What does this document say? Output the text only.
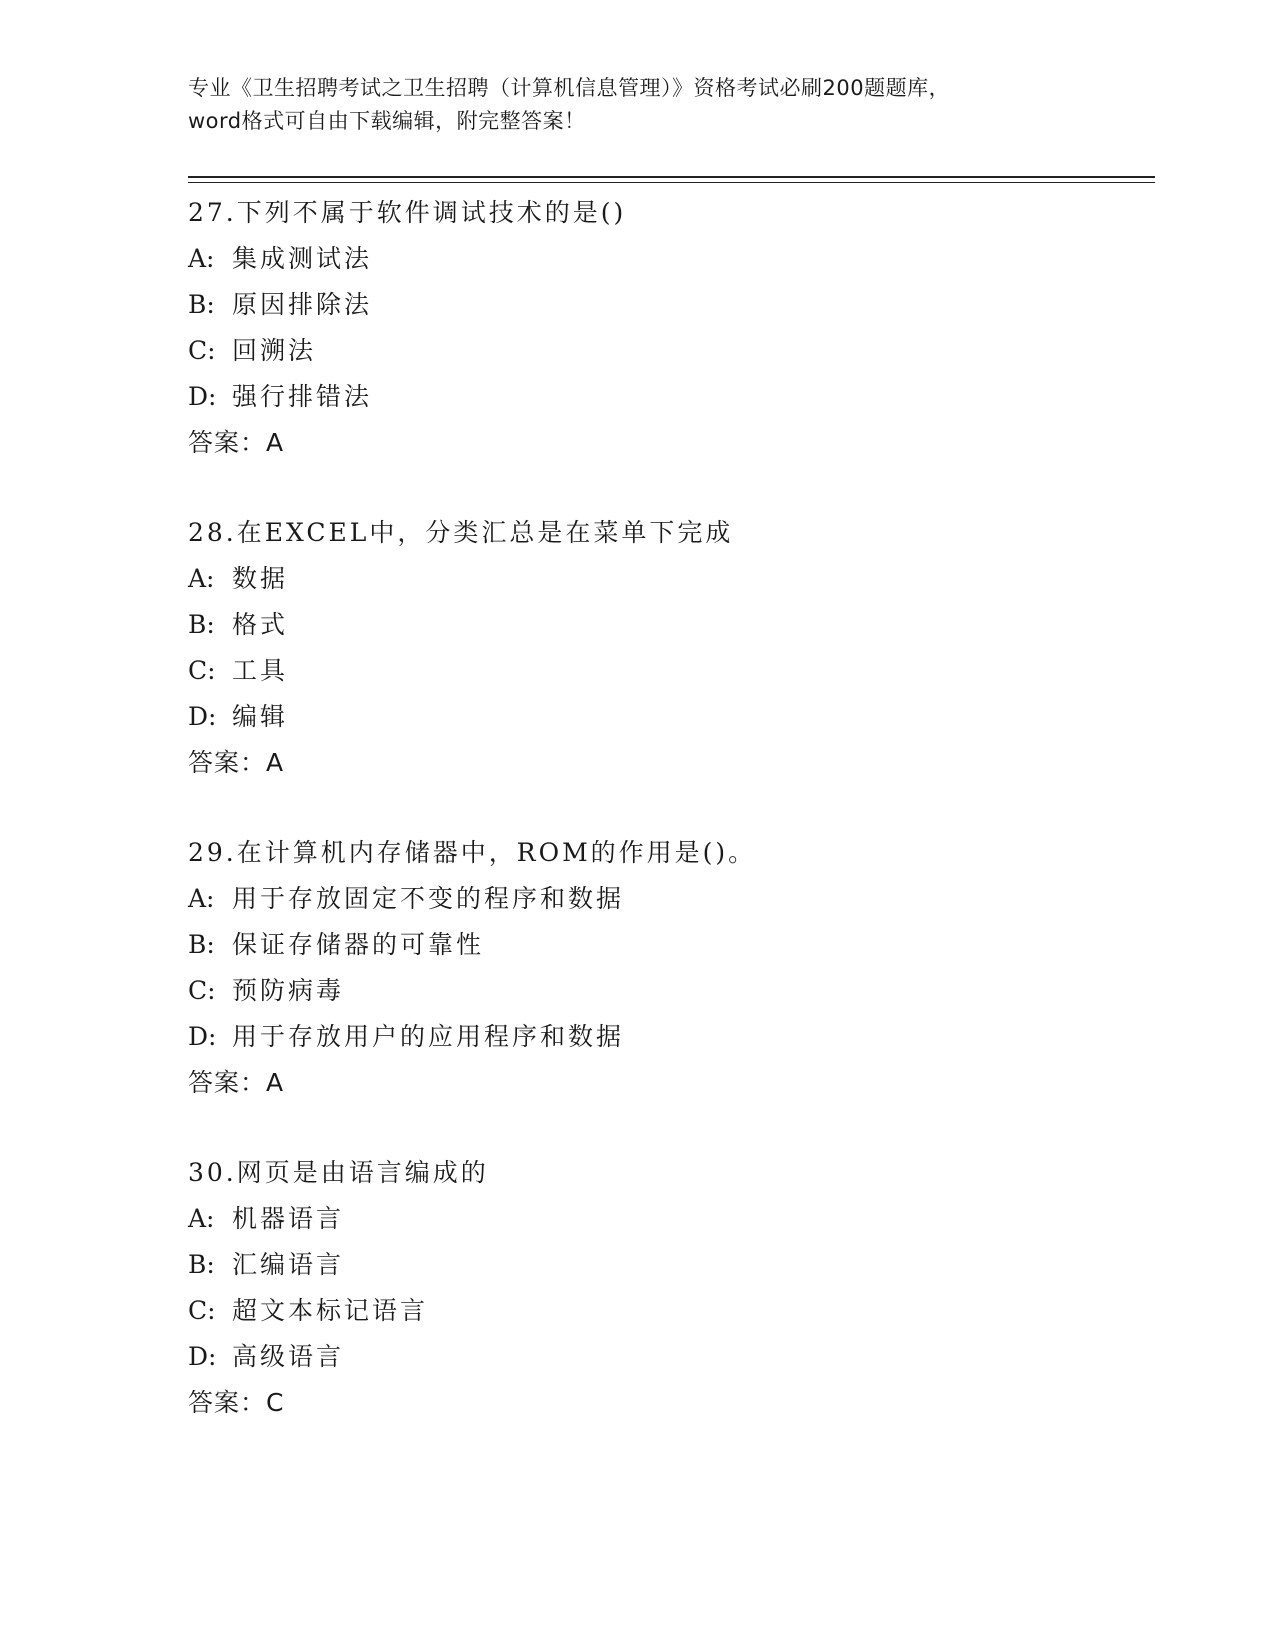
专业《卫生招聘考试之卫生招聘（计算机信息管理）》资格考试必刷200题题库，
word格式可自由下载编辑，附完整答案！
27.下列不属于软件调试技术的是()
A: 集成测试法
B: 原因排除法
C: 回溯法
D: 强行排错法
答案：A
28.在EXCEL中，分类汇总是在菜单下完成
A: 数据
B: 格式
C: 工具
D: 编辑
答案：A
29.在计算机内存储器中，ROM的作用是()。
A: 用于存放固定不变的程序和数据
B: 保证存储器的可靠性
C: 预防病毒
D: 用于存放用户的应用程序和数据
答案：A
30.网页是由语言编成的
A: 机器语言
B: 汇编语言
C: 超文本标记语言
D: 高级语言
答案：C
